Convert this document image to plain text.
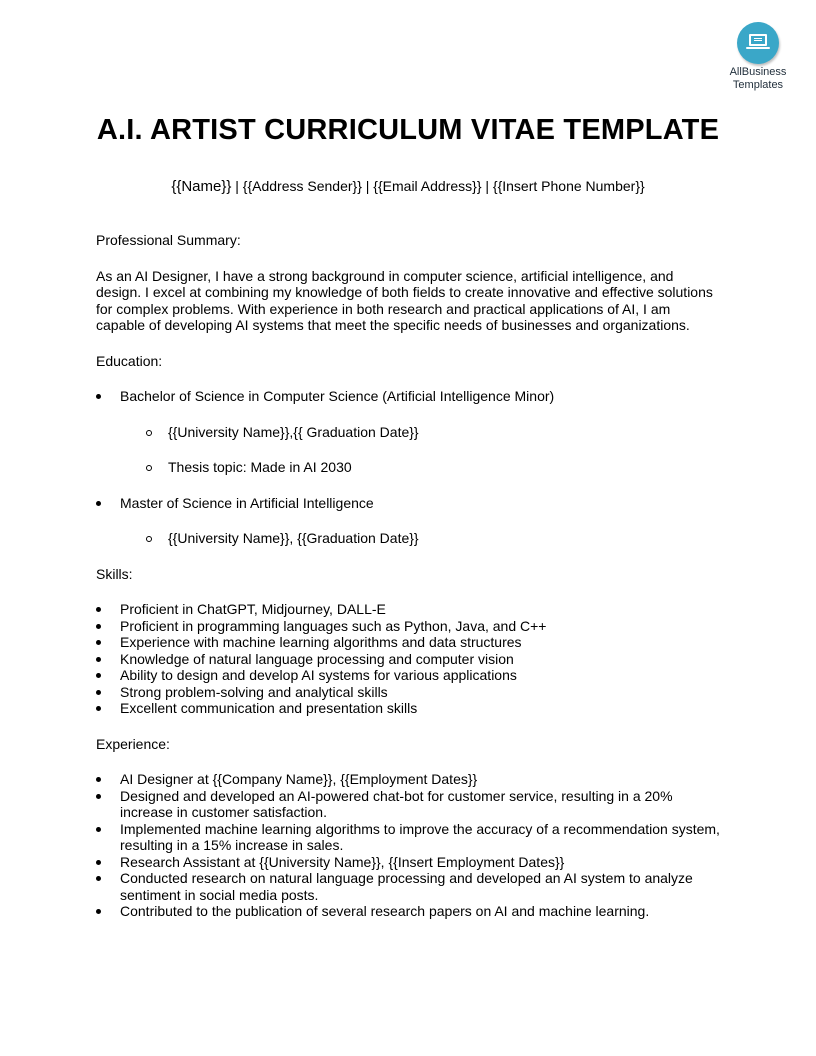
AllBusiness
Templates
A.I. ARTIST CURRICULUM VITAE TEMPLATE
{{Name}} | {{Address Sender}} | {{Email Address}} | {{Insert Phone Number}}

Professional Summary:

As an AI Designer, I have a strong background in computer science, artificial intelligence, and design. I excel at combining my knowledge of both fields to create innovative and effective solutions for complex problems. With experience in both research and practical applications of AI, I am capable of developing AI systems that meet the specific needs of businesses and organizations.

Education:

Bachelor of Science in Computer Science (Artificial Intelligence Minor)
{{University Name}},{{ Graduation Date}}
Thesis topic: Made in AI 2030
Master of Science in Artificial Intelligence
{{University Name}}, {{Graduation Date}}

Skills:

Proficient in ChatGPT, Midjourney, DALL-E
Proficient in programming languages such as Python, Java, and C++
Experience with machine learning algorithms and data structures
Knowledge of natural language processing and computer vision
Ability to design and develop AI systems for various applications
Strong problem-solving and analytical skills
Excellent communication and presentation skills

Experience:

AI Designer at {{Company Name}}, {{Employment Dates}}
Designed and developed an AI-powered chat-bot for customer service, resulting in a 20% increase in customer satisfaction.
Implemented machine learning algorithms to improve the accuracy of a recommendation system, resulting in a 15% increase in sales.
Research Assistant at {{University Name}}, {{Insert Employment Dates}}
Conducted research on natural language processing and developed an AI system to analyze sentiment in social media posts.
Contributed to the publication of several research papers on AI and machine learning.
